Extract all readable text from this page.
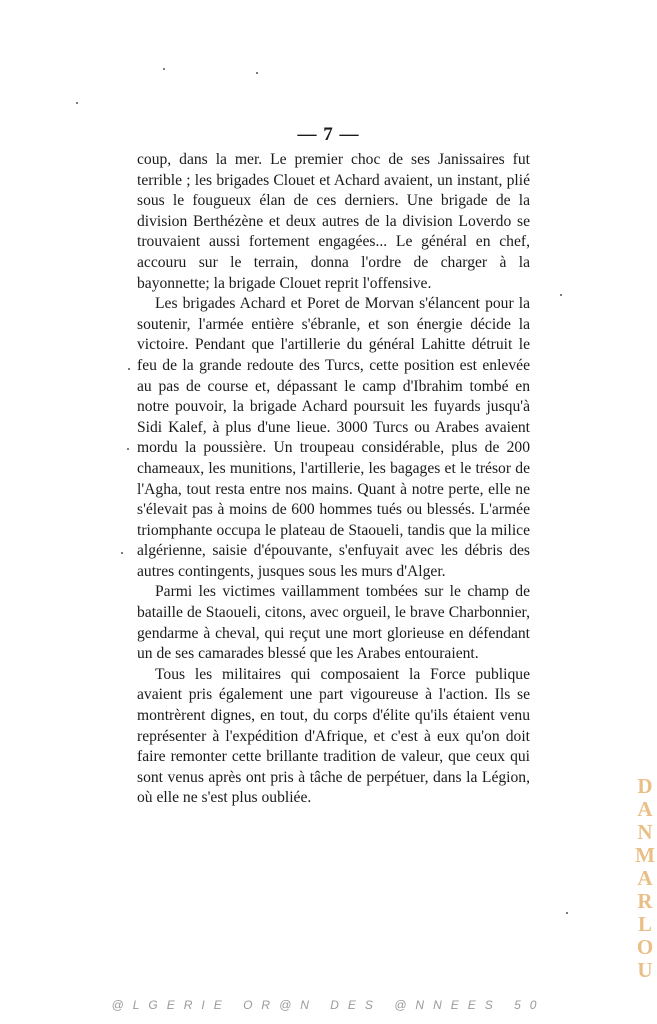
— 7 —

coup, dans la mer. Le premier choc de ses Janissaires fut terrible ; les brigades Clouet et Achard avaient, un instant, plié sous le fougueux élan de ces derniers. Une brigade de la division Berthézène et deux autres de la division Loverdo se trouvaient aussi fortement engagées... Le général en chef, accouru sur le terrain, donna l'ordre de charger à la bayonnette; la brigade Clouet reprit l'offensive.

Les brigades Achard et Poret de Morvan s'élancent pour la soutenir, l'armée entière s'ébranle, et son énergie décide la victoire. Pendant que l'artillerie du général Lahitte détruit le feu de la grande redoute des Turcs, cette position est enlevée au pas de course et, dépassant le camp d'Ibrahim tombé en notre pouvoir, la brigade Achard poursuit les fuyards jusqu'à Sidi Kalef, à plus d'une lieue. 3000 Turcs ou Arabes avaient mordu la poussière. Un troupeau considérable, plus de 200 chameaux, les munitions, l'artillerie, les bagages et le trésor de l'Agha, tout resta entre nos mains. Quant à notre perte, elle ne s'élevait pas à moins de 600 hommes tués ou blessés. L'armée triomphante occupa le plateau de Staoueli, tandis que la milice algérienne, saisie d'épouvante, s'enfuyait avec les débris des autres contingents, jusques sous les murs d'Alger.

Parmi les victimes vaillamment tombées sur le champ de bataille de Staoueli, citons, avec orgueil, le brave Charbonnier, gendarme à cheval, qui reçut une mort glorieuse en défendant un de ses camarades blessé que les Arabes entouraient.

Tous les militaires qui composaient la Force publique avaient pris également une part vigoureuse à l'action. Ils se montrèrent dignes, en tout, du corps d'élite qu'ils étaient venu représenter à l'expédition d'Afrique, et c'est à eux qu'on doit faire remonter cette brillante tradition de valeur, que ceux qui sont venus après ont pris à tâche de perpétuer, dans la Légion, où elle ne s'est plus oubliée.	D
A
N
M
A
R
L
O
U
@LGERIE OR@N DES @NNEES 50
